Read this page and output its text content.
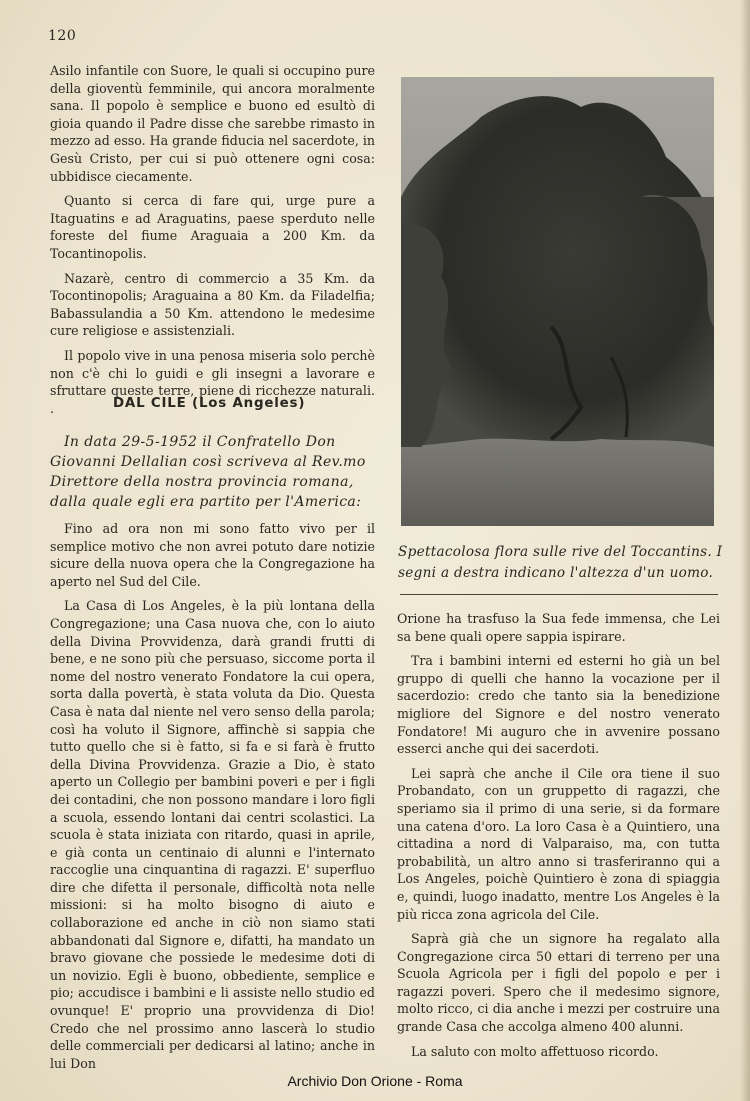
120

Asilo infantile con Suore, le quali si occupino pure della gioventù femminile, qui ancora moralmente sana. Il popolo è semplice e buono ed esultò di gioia quando il Padre disse che sarebbe rimasto in mezzo ad esso. Ha grande fiducia nel sacerdote, in Gesù Cristo, per cui si può ottenere ogni cosa: ubbidisce ciecamente.

Quanto si cerca di fare qui, urge pure a Itaguatins e ad Araguatins, paese sperduto nelle foreste del fiume Araguaia a 200 Km. da Tocantinopolis.

Nazarè, centro di commercio a 35 Km. da Tocontinopolis; Araguaina a 80 Km. da Filadelfia; Babassulandia a 50 Km. attendono le medesime cure religiose e assistenziali.

Il popolo vive in una penosa miseria solo perchè non c'è chi lo guidi e gli insegni a lavorare e sfruttare queste terre, piene di ricchezze naturali. .	DAL CILE (Los Angeles)
In data 29-5-1952 il Confratello Don Giovanni Dellalian così scriveva al Rev.mo Direttore della nostra provincia romana, dalla quale egli era partito per l'America:

Fino ad ora non mi sono fatto vivo per il semplice motivo che non avrei potuto dare notizie sicure della nuova opera che la Congregazione ha aperto nel Sud del Cile.

La Casa di Los Angeles, è la più lontana della Congregazione; una Casa nuova che, con lo aiuto della Divina Provvidenza, darà grandi frutti di bene, e ne sono più che persuaso, siccome porta il nome del nostro venerato Fondatore la cui opera, sorta dalla povertà, è stata voluta da Dio. Questa Casa è nata dal niente nel vero senso della parola; così ha voluto il Signore, affinchè si sappia che tutto quello che si è fatto, si fa e si farà è frutto della Divina Provvidenza. Grazie a Dio, è stato aperto un Collegio per bambini poveri e per i figli dei contadini, che non possono mandare i loro figli a scuola, essendo lontani dai centri scolastici. La scuola è stata iniziata con ritardo, quasi in aprile, e già conta un centinaio di alunni e l'internato raccoglie una cinquantina di ragazzi. E' superfluo dire che difetta il personale, difficoltà nota nelle missioni: si ha molto bisogno di aiuto e collaborazione ed anche in ciò non siamo stati abbandonati dal Signore e, difatti, ha mandato un bravo giovane che possiede le medesime doti di un novizio. Egli è buono, obbediente, semplice e pio; accudisce i bambini e li assiste nello studio ed ovunque! E' proprio una provvidenza di Dio! Credo che nel prossimo anno lascerà lo studio delle commerciali per dedicarsi al latino; anche in lui Don

Spettacolosa flora sulle rive del Toccantins. I segni a destra indicano l'altezza d'un uomo.

Orione ha trasfuso la Sua fede immensa, che Lei sa bene quali opere sappia ispirare.

Tra i bambini interni ed esterni ho già un bel gruppo di quelli che hanno la vocazione per il sacerdozio: credo che tanto sia la benedizione migliore del Signore e del nostro venerato Fondatore! Mi auguro che in avvenire possano esserci anche qui dei sacerdoti.

Lei saprà che anche il Cile ora tiene il suo Probandato, con un gruppetto di ragazzi, che speriamo sia il primo di una serie, si da formare una catena d'oro. La loro Casa è a Quintiero, una cittadina a nord di Valparaiso, ma, con tutta probabilità, un altro anno si trasferiranno qui a Los Angeles, poichè Quintiero è zona di spiaggia e, quindi, luogo inadatto, mentre Los Angeles è la più ricca zona agricola del Cile.

Saprà già che un signore ha regalato alla Congregazione circa 50 ettari di terreno per una Scuola Agricola per i figli del popolo e per i ragazzi poveri. Spero che il medesimo signore, molto ricco, ci dia anche i mezzi per costruire una grande Casa che accolga almeno 400 alunni.

La saluto con molto affettuoso ricordo.

Archivio Don Orione - Roma
